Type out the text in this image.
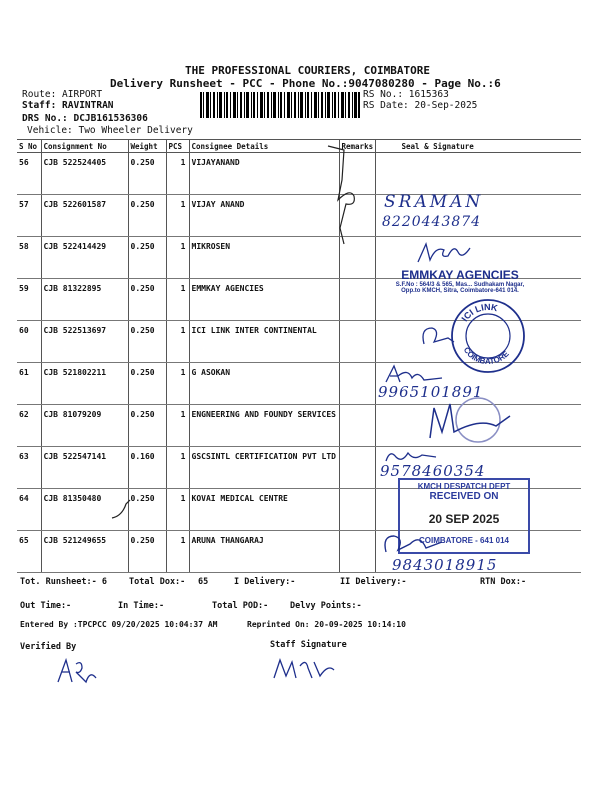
THE PROFESSIONAL COURIERS, COIMBATORE
Delivery Runsheet - PCC - Phone No.:9047080280 - Page No.:6
Route: AIRPORT
Staff: RAVINTRAN
DRS No.: DCJB161536306
Vehicle: Two Wheeler Delivery
RS No.: 1615363
RS Date: 20-Sep-2025
S No	Consignment No	Weight	PCS	Consignee Details	Remarks	Seal & Signature
56	CJB 522524405	0.250	1	VIJAYANAND		
57	CJB 522601587	0.250	1	VIJAY ANAND		
58	CJB 522414429	0.250	1	MIKROSEN		
59	CJB 81322895	0.250	1	EMMKAY AGENCIES		
60	CJB 522513697	0.250	1	ICI LINK INTER CONTINENTAL		
61	CJB 521802211	0.250	1	G ASOKAN		
62	CJB 81079209	0.250	1	ENGNEERING AND FOUNDY SERVICES		
63	CJB 522547141	0.160	1	GSCSINTL CERTIFICATION PVT LTD		
64	CJB 81350480	0.250	1	KOVAI MEDICAL CENTRE		
65	CJB 521249655	0.250	1	ARUNA THANGARAJ		
SRAMAN
8220443874
EMMKAY AGENCIES
S.F.No : 564/3 & 565, Mas... Sudhakam Nagar,
Opp.to KMCH, Sitra, Coimbatore-641 014.
ICI LINK
COIMBATORE
9965101891
9578460354
KMCH DESPATCH DEPT
RECEIVED ON
20 SEP 2025
COIMBATORE - 641 014
9843018915
Tot. Runsheet:- 6	Total Dox:- 65	I Delivery:-	II Delivery:-	RTN Dox:-
Out Time:-	In Time:-	Total POD:-	Delvy Points:-
Entered By :TPCPCC 09/20/2025 10:04:37 AM	Reprinted On: 20-09-2025 10:14:10
Verified By	Staff Signature
